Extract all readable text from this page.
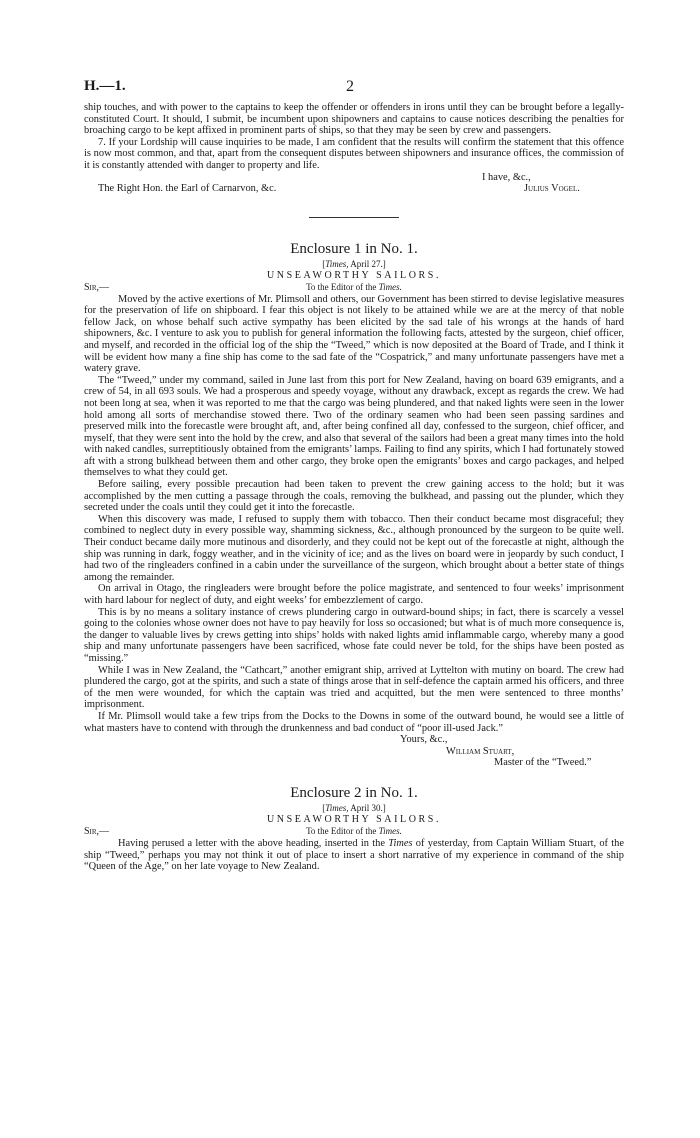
H.—1.	2

ship touches, and with power to the captains to keep the offender or offenders in irons until they can be brought before a legally-constituted Court. It should, I submit, be incumbent upon shipowners and captains to cause notices describing the penalties for broaching cargo to be kept affixed in prominent parts of ships, so that they may be seen by crew and passengers.

7. If your Lordship will cause inquiries to be made, I am confident that the results will confirm the statement that this offence is now most common, and that, apart from the consequent disputes between shipowners and insurance offices, the commission of it is constantly attended with danger to property and life.

I have, &c.,
The Right Hon. the Earl of Carnarvon, &c.	Julius Vogel.

Enclosure 1 in No. 1.

[Times, April 27.]

UNSEAWORTHY SAILORS.

Sir,—	To the Editor of the Times.

Moved by the active exertions of Mr. Plimsoll and others, our Government has been stirred to devise legislative measures for the preservation of life on shipboard. I fear this object is not likely to be attained while we are at the mercy of that noble fellow Jack, on whose behalf such active sympathy has been elicited by the sad tale of his wrongs at the hands of hard shipowners, &c. I venture to ask you to publish for general information the following facts, attested by the surgeon, chief officer, and myself, and recorded in the official log of the ship the “Tweed,” which is now deposited at the Board of Trade, and I think it will be evident how many a fine ship has come to the sad fate of the “Cospatrick,” and many unfortunate passengers have met a watery grave.

The “Tweed,” under my command, sailed in June last from this port for New Zealand, having on board 639 emigrants, and a crew of 54, in all 693 souls. We had a prosperous and speedy voyage, without any drawback, except as regards the crew. We had not been long at sea, when it was reported to me that the cargo was being plundered, and that naked lights were seen in the lower hold among all sorts of merchandise stowed there. Two of the ordinary seamen who had been seen passing sardines and preserved milk into the forecastle were brought aft, and, after being confined all day, confessed to the surgeon, chief officer, and myself, that they were sent into the hold by the crew, and also that several of the sailors had been a great many times into the hold with naked candles, surreptitiously obtained from the emigrants’ lamps. Failing to find any spirits, which I had fortunately stowed aft with a strong bulkhead between them and other cargo, they broke open the emigrants’ boxes and cargo packages, and helped themselves to what they could get.

Before sailing, every possible precaution had been taken to prevent the crew gaining access to the hold; but it was accomplished by the men cutting a passage through the coals, removing the bulkhead, and passing out the plunder, which they secreted under the coals until they could get it into the forecastle.

When this discovery was made, I refused to supply them with tobacco. Then their conduct became most disgraceful; they combined to neglect duty in every possible way, shamming sickness, &c., although pronounced by the surgeon to be quite well. Their conduct became daily more mutinous and disorderly, and they could not be kept out of the forecastle at night, although the ship was running in dark, foggy weather, and in the vicinity of ice; and as the lives on board were in jeopardy by such conduct, I had two of the ringleaders confined in a cabin under the surveillance of the surgeon, which brought about a better state of things among the remainder.

On arrival in Otago, the ringleaders were brought before the police magistrate, and sentenced to four weeks’ imprisonment with hard labour for neglect of duty, and eight weeks’ for embezzlement of cargo.

This is by no means a solitary instance of crews plundering cargo in outward-bound ships; in fact, there is scarcely a vessel going to the colonies whose owner does not have to pay heavily for loss so occasioned; but what is of much more consequence is, the danger to valuable lives by crews getting into ships’ holds with naked lights amid inflammable cargo, whereby many a good ship and many unfortunate passengers have been sacrificed, whose fate could never be told, for the ships have been posted as “missing.”

While I was in New Zealand, the “Cathcart,” another emigrant ship, arrived at Lyttelton with mutiny on board. The crew had plundered the cargo, got at the spirits, and such a state of things arose that in self-defence the captain armed his officers, and three of the men were wounded, for which the captain was tried and acquitted, but the men were sentenced to three months’ imprisonment.

If Mr. Plimsoll would take a few trips from the Docks to the Downs in some of the outward bound, he would see a little of what masters have to contend with through the drunkenness and bad conduct of “poor ill-used Jack.”

Yours, &c.,
William Stuart,
Master of the “Tweed.”

Enclosure 2 in No. 1.

[Times, April 30.]

UNSEAWORTHY SAILORS.

Sir,—	To the Editor of the Times.

Having perused a letter with the above heading, inserted in the Times of yesterday, from Captain William Stuart, of the ship “Tweed,” perhaps you may not think it out of place to insert a short narrative of my experience in command of the ship “Queen of the Age,” on her late voyage to New Zealand.
